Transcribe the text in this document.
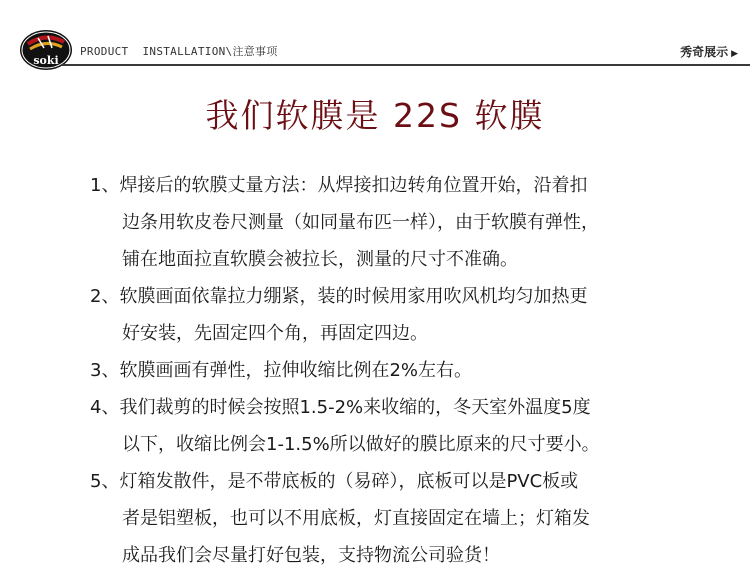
soki
PRODUCT INSTALLATION\注意事项	秀奇展示 ▶
我们软膜是 22S 软膜
1、焊接后的软膜丈量方法：从焊接扣边转角位置开始，沿着扣
边条用软皮卷尺测量（如同量布匹一样），由于软膜有弹性，
铺在地面拉直软膜会被拉长，测量的尺寸不准确。
2、软膜画面依靠拉力绷紧，装的时候用家用吹风机均匀加热更
好安装，先固定四个角，再固定四边。
3、软膜画画有弹性，拉伸收缩比例在2%左右。
4、我们裁剪的时候会按照1.5-2%来收缩的，冬天室外温度5度
以下，收缩比例会1-1.5%所以做好的膜比原来的尺寸要小。
5、灯箱发散件，是不带底板的（易碎），底板可以是PVC板或
者是铝塑板，也可以不用底板，灯直接固定在墙上；灯箱发
成品我们会尽量打好包装，支持物流公司验货！
